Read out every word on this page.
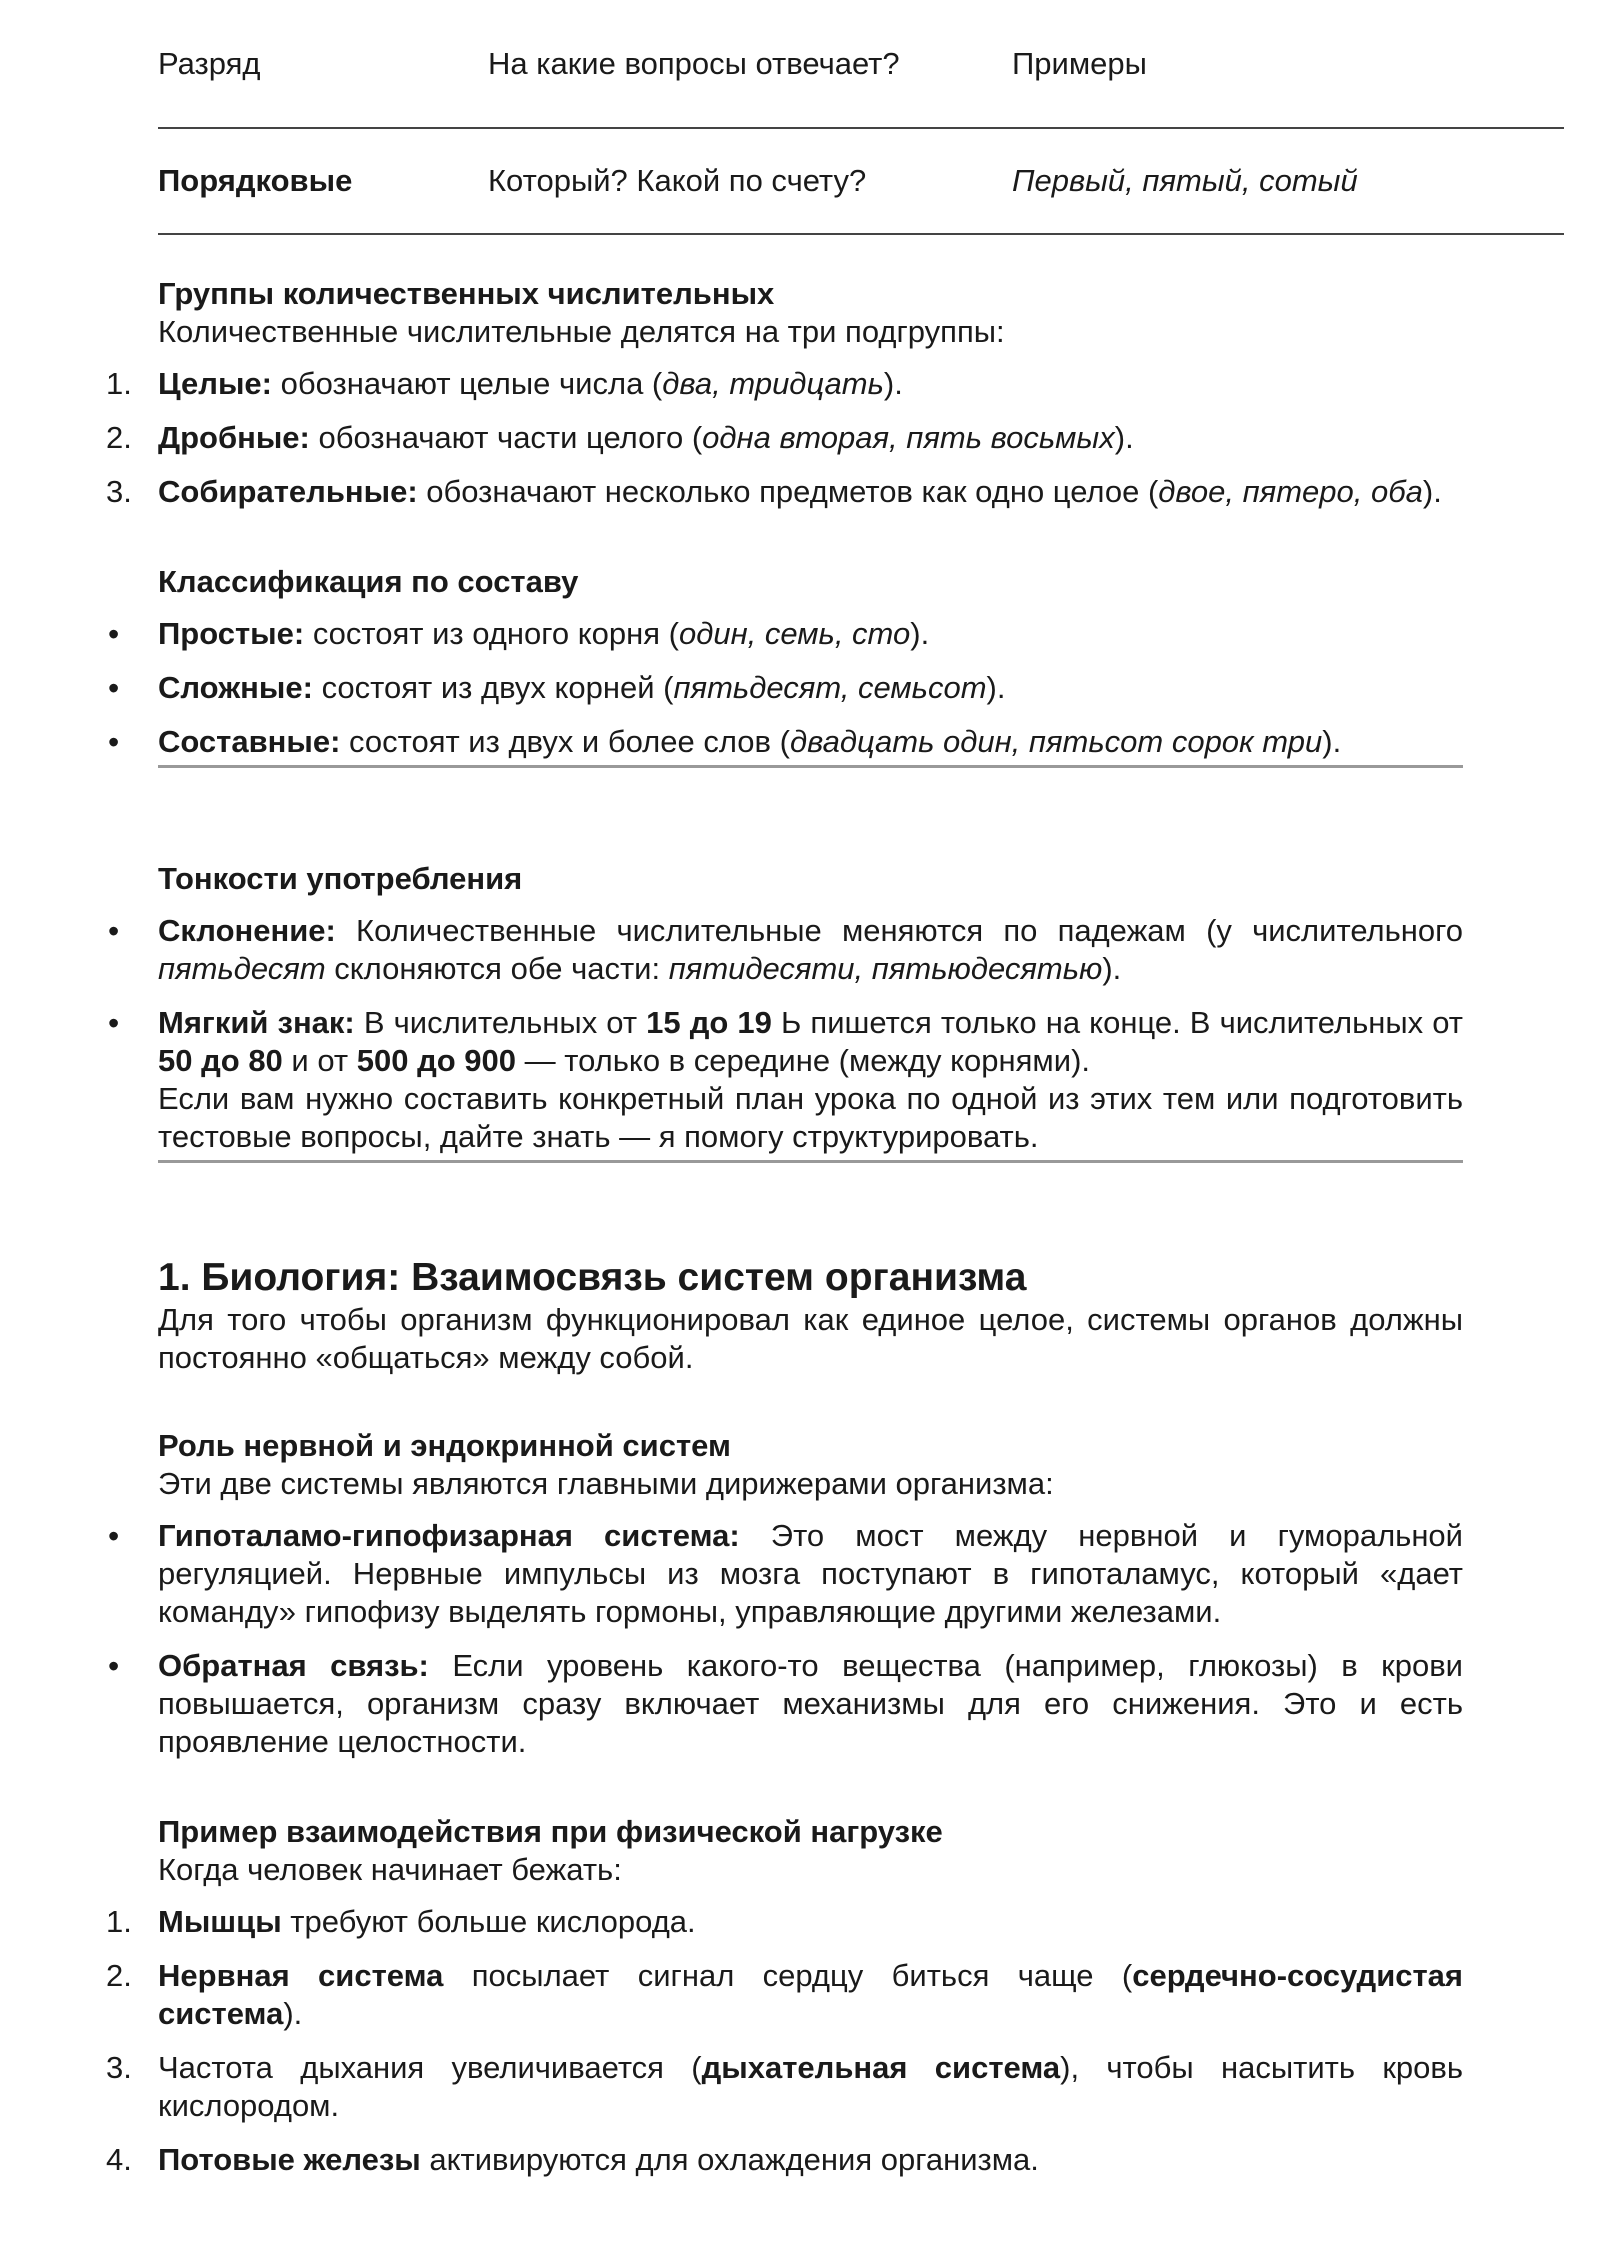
Разряд	На какие вопросы отвечает?	Примеры
Порядковые	Который? Какой по счету?	Первый, пятый, сотый
Группы количественных числительных

Количественные числительные делятся на три подгруппы:

1. Целые: обозначают целые числа (два, тридцать).
2. Дробные: обозначают части целого (одна вторая, пять восьмых).
3. Собирательные: обозначают несколько предметов как одно целое (двое, пятеро, оба).
Классификация по составу
•	Простые: состоят из одного корня (один, семь, сто).
•	Сложные: состоят из двух корней (пятьдесят, семьсот).
•	Составные: состоят из двух и более слов (двадцать один, пятьсот сорок три).
Тонкости употребления
•	Склонение: Количественные числительные меняются по падежам (у числительного пятьдесят склоняются обе части: пятидесяти, пятьюдесятью).
•	Мягкий знак: В числительных от 15 до 19 Ь пишется только на конце. В числительных от 50 до 80 и от 500 до 900 — только в середине (между корнями).
Если вам нужно составить конкретный план урока по одной из этих тем или подготовить тестовые вопросы, дайте знать — я помогу структурировать.
1. Биология: Взаимосвязь систем организма

Для того чтобы организм функционировал как единое целое, системы органов должны постоянно «общаться» между собой.

Роль нервной и эндокринной систем

Эти две системы являются главными дирижерами организма:

•	Гипоталамо-гипофизарная система: Это мост между нервной и гуморальной регуляцией. Нервные импульсы из мозга поступают в гипоталамус, который «дает команду» гипофизу выделять гормоны, управляющие другими железами.
•	Обратная связь: Если уровень какого-то вещества (например, глюкозы) в крови повышается, организм сразу включает механизмы для его снижения. Это и есть проявление целостности.
Пример взаимодействия при физической нагрузке

Когда человек начинает бежать:

1. Мышцы требуют больше кислорода.
2. Нервная система посылает сигнал сердцу биться чаще (сердечно-сосудистая система).
3. Частота дыхания увеличивается (дыхательная система), чтобы насытить кровь кислородом.
4. Потовые железы активируются для охлаждения организма.
